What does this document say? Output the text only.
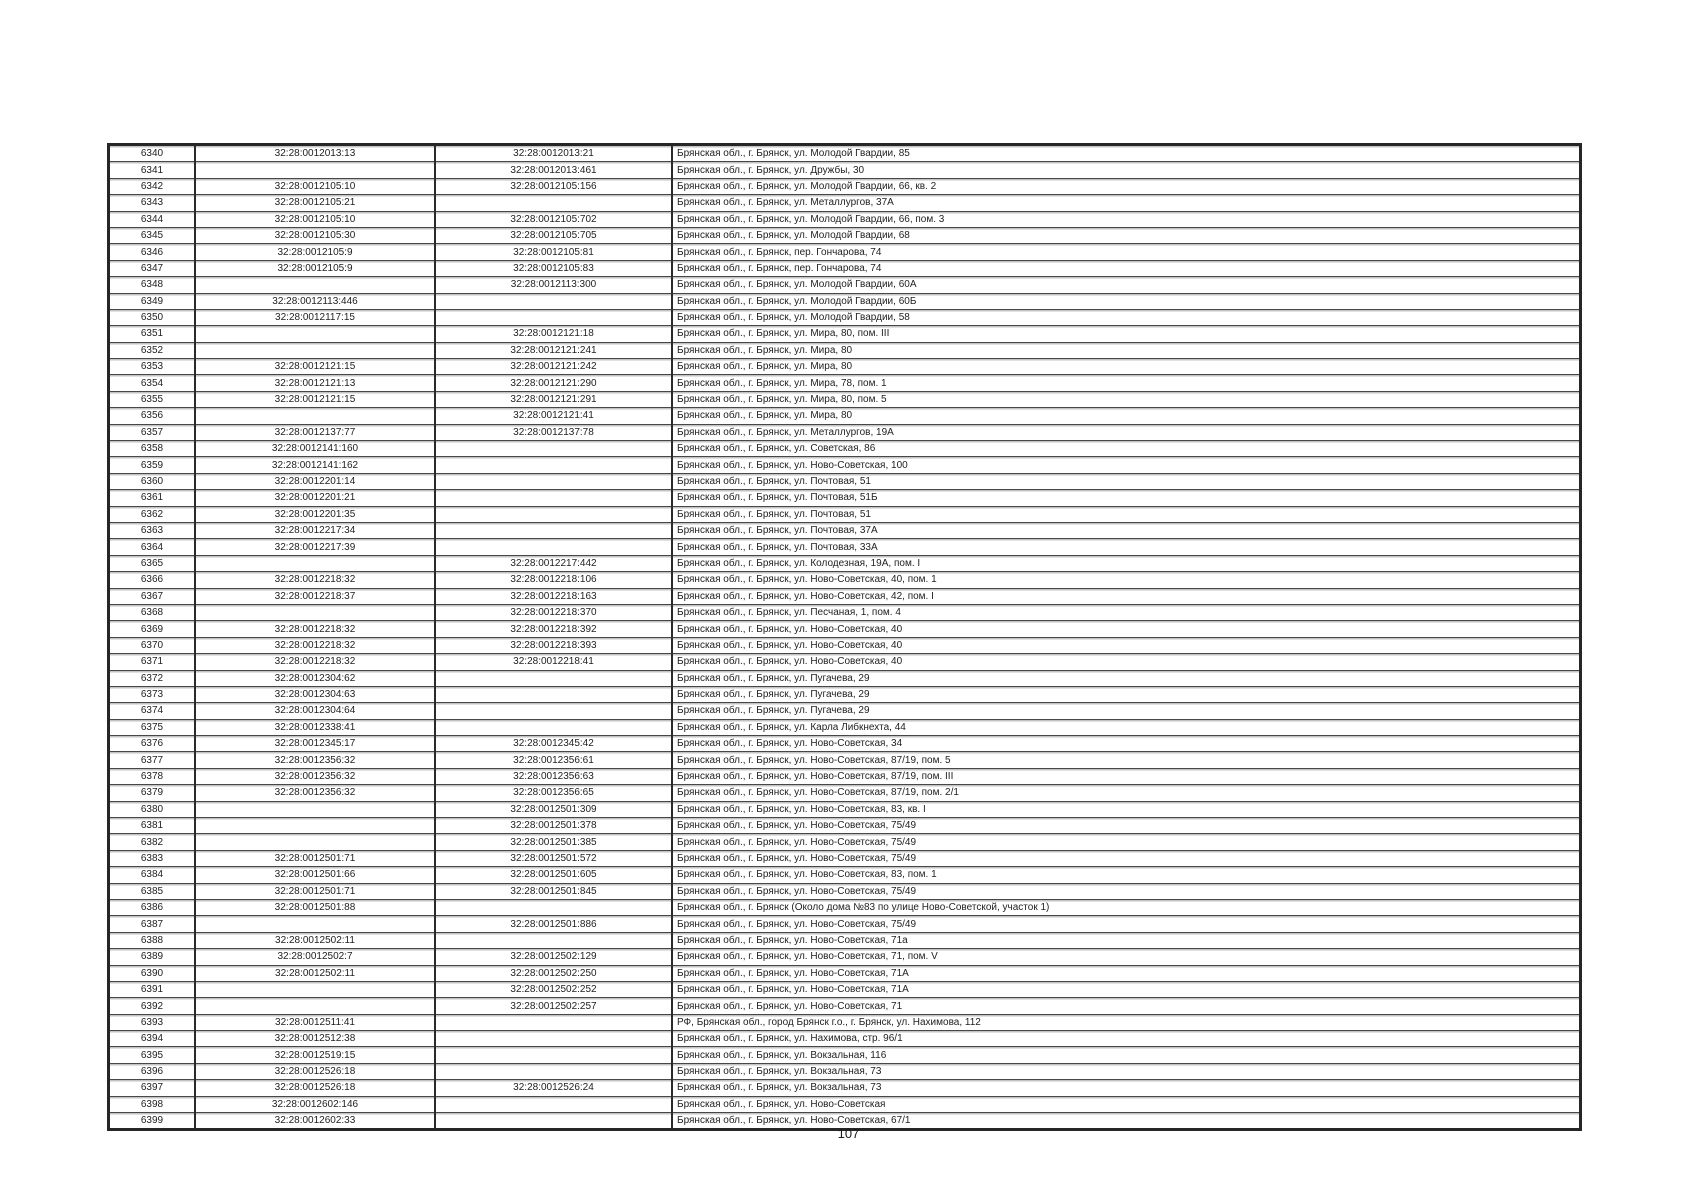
6340	32:28:0012013:13	32:28:0012013:21	Брянская обл., г. Брянск, ул. Молодой Гвардии, 85
6341		32:28:0012013:461	Брянская обл., г. Брянск, ул. Дружбы, 30
6342	32:28:0012105:10	32:28:0012105:156	Брянская обл., г. Брянск, ул. Молодой Гвардии, 66, кв. 2
6343	32:28:0012105:21		Брянская обл., г. Брянск, ул. Металлургов, 37А
6344	32:28:0012105:10	32:28:0012105:702	Брянская обл., г. Брянск, ул. Молодой Гвардии, 66, пом. 3
6345	32:28:0012105:30	32:28:0012105:705	Брянская обл., г. Брянск, ул. Молодой Гвардии, 68
6346	32:28:0012105:9	32:28:0012105:81	Брянская обл., г. Брянск, пер. Гончарова, 74
6347	32:28:0012105:9	32:28:0012105:83	Брянская обл., г. Брянск, пер. Гончарова, 74
6348		32:28:0012113:300	Брянская обл., г. Брянск, ул. Молодой Гвардии, 60А
6349	32:28:0012113:446		Брянская обл., г. Брянск, ул. Молодой Гвардии, 60Б
6350	32:28:0012117:15		Брянская обл., г. Брянск, ул. Молодой Гвардии, 58
6351		32:28:0012121:18	Брянская обл., г. Брянск, ул. Мира, 80, пом. III
6352		32:28:0012121:241	Брянская обл., г. Брянск, ул. Мира, 80
6353	32:28:0012121:15	32:28:0012121:242	Брянская обл., г. Брянск, ул. Мира, 80
6354	32:28:0012121:13	32:28:0012121:290	Брянская обл., г. Брянск, ул. Мира, 78, пом. 1
6355	32:28:0012121:15	32:28:0012121:291	Брянская обл., г. Брянск, ул. Мира, 80, пом. 5
6356		32:28:0012121:41	Брянская обл., г. Брянск, ул. Мира, 80
6357	32:28:0012137:77	32:28:0012137:78	Брянская обл., г. Брянск, ул. Металлургов, 19А
6358	32:28:0012141:160		Брянская обл., г. Брянск, ул. Советская, 86
6359	32:28:0012141:162		Брянская обл., г. Брянск, ул. Ново-Советская, 100
6360	32:28:0012201:14		Брянская обл., г. Брянск, ул. Почтовая, 51
6361	32:28:0012201:21		Брянская обл., г. Брянск, ул. Почтовая, 51Б
6362	32:28:0012201:35		Брянская обл., г. Брянск, ул. Почтовая, 51
6363	32:28:0012217:34		Брянская обл., г. Брянск, ул. Почтовая, 37А
6364	32:28:0012217:39		Брянская обл., г. Брянск, ул. Почтовая, 33А
6365		32:28:0012217:442	Брянская обл., г. Брянск, ул. Колодезная, 19А, пом. I
6366	32:28:0012218:32	32:28:0012218:106	Брянская обл., г. Брянск, ул. Ново-Советская, 40, пом. 1
6367	32:28:0012218:37	32:28:0012218:163	Брянская обл., г. Брянск, ул. Ново-Советская, 42, пом. I
6368		32:28:0012218:370	Брянская обл., г. Брянск, ул. Песчаная, 1, пом. 4
6369	32:28:0012218:32	32:28:0012218:392	Брянская обл., г. Брянск, ул. Ново-Советская, 40
6370	32:28:0012218:32	32:28:0012218:393	Брянская обл., г. Брянск, ул. Ново-Советская, 40
6371	32:28:0012218:32	32:28:0012218:41	Брянская обл., г. Брянск, ул. Ново-Советская, 40
6372	32:28:0012304:62		Брянская обл., г. Брянск, ул. Пугачева, 29
6373	32:28:0012304:63		Брянская обл., г. Брянск, ул. Пугачева, 29
6374	32:28:0012304:64		Брянская обл., г. Брянск, ул. Пугачева, 29
6375	32:28:0012338:41		Брянская обл., г. Брянск, ул. Карла Либкнехта, 44
6376	32:28:0012345:17	32:28:0012345:42	Брянская обл., г. Брянск, ул. Ново-Советская, 34
6377	32:28:0012356:32	32:28:0012356:61	Брянская обл., г. Брянск, ул. Ново-Советская, 87/19, пом. 5
6378	32:28:0012356:32	32:28:0012356:63	Брянская обл., г. Брянск, ул. Ново-Советская, 87/19, пом. III
6379	32:28:0012356:32	32:28:0012356:65	Брянская обл., г. Брянск, ул. Ново-Советская, 87/19, пом. 2/1
6380		32:28:0012501:309	Брянская обл., г. Брянск, ул. Ново-Советская, 83, кв. I
6381		32:28:0012501:378	Брянская обл., г. Брянск, ул. Ново-Советская, 75/49
6382		32:28:0012501:385	Брянская обл., г. Брянск, ул. Ново-Советская, 75/49
6383	32:28:0012501:71	32:28:0012501:572	Брянская обл., г. Брянск, ул. Ново-Советская, 75/49
6384	32:28:0012501:66	32:28:0012501:605	Брянская обл., г. Брянск, ул. Ново-Советская, 83, пом. 1
6385	32:28:0012501:71	32:28:0012501:845	Брянская обл., г. Брянск, ул. Ново-Советская, 75/49
6386	32:28:0012501:88		Брянская обл., г. Брянск (Около дома №83 по улице Ново-Советской, участок 1)
6387		32:28:0012501:886	Брянская обл., г. Брянск, ул. Ново-Советская, 75/49
6388	32:28:0012502:11		Брянская обл., г. Брянск, ул. Ново-Советская, 71а
6389	32:28:0012502:7	32:28:0012502:129	Брянская обл., г. Брянск, ул. Ново-Советская, 71, пом. V
6390	32:28:0012502:11	32:28:0012502:250	Брянская обл., г. Брянск, ул. Ново-Советская, 71А
6391		32:28:0012502:252	Брянская обл., г. Брянск, ул. Ново-Советская, 71А
6392		32:28:0012502:257	Брянская обл., г. Брянск, ул. Ново-Советская, 71
6393	32:28:0012511:41		РФ, Брянская обл., город Брянск г.о., г. Брянск, ул. Нахимова, 112
6394	32:28:0012512:38		Брянская обл., г. Брянск, ул. Нахимова, стр. 96/1
6395	32:28:0012519:15		Брянская обл., г. Брянск, ул. Вокзальная, 116
6396	32:28:0012526:18		Брянская обл., г. Брянск, ул. Вокзальная, 73
6397	32:28:0012526:18	32:28:0012526:24	Брянская обл., г. Брянск, ул. Вокзальная, 73
6398	32:28:0012602:146		Брянская обл., г. Брянск, ул. Ново-Советская
6399	32:28:0012602:33		Брянская обл., г. Брянск, ул. Ново-Советская, 67/1
107
